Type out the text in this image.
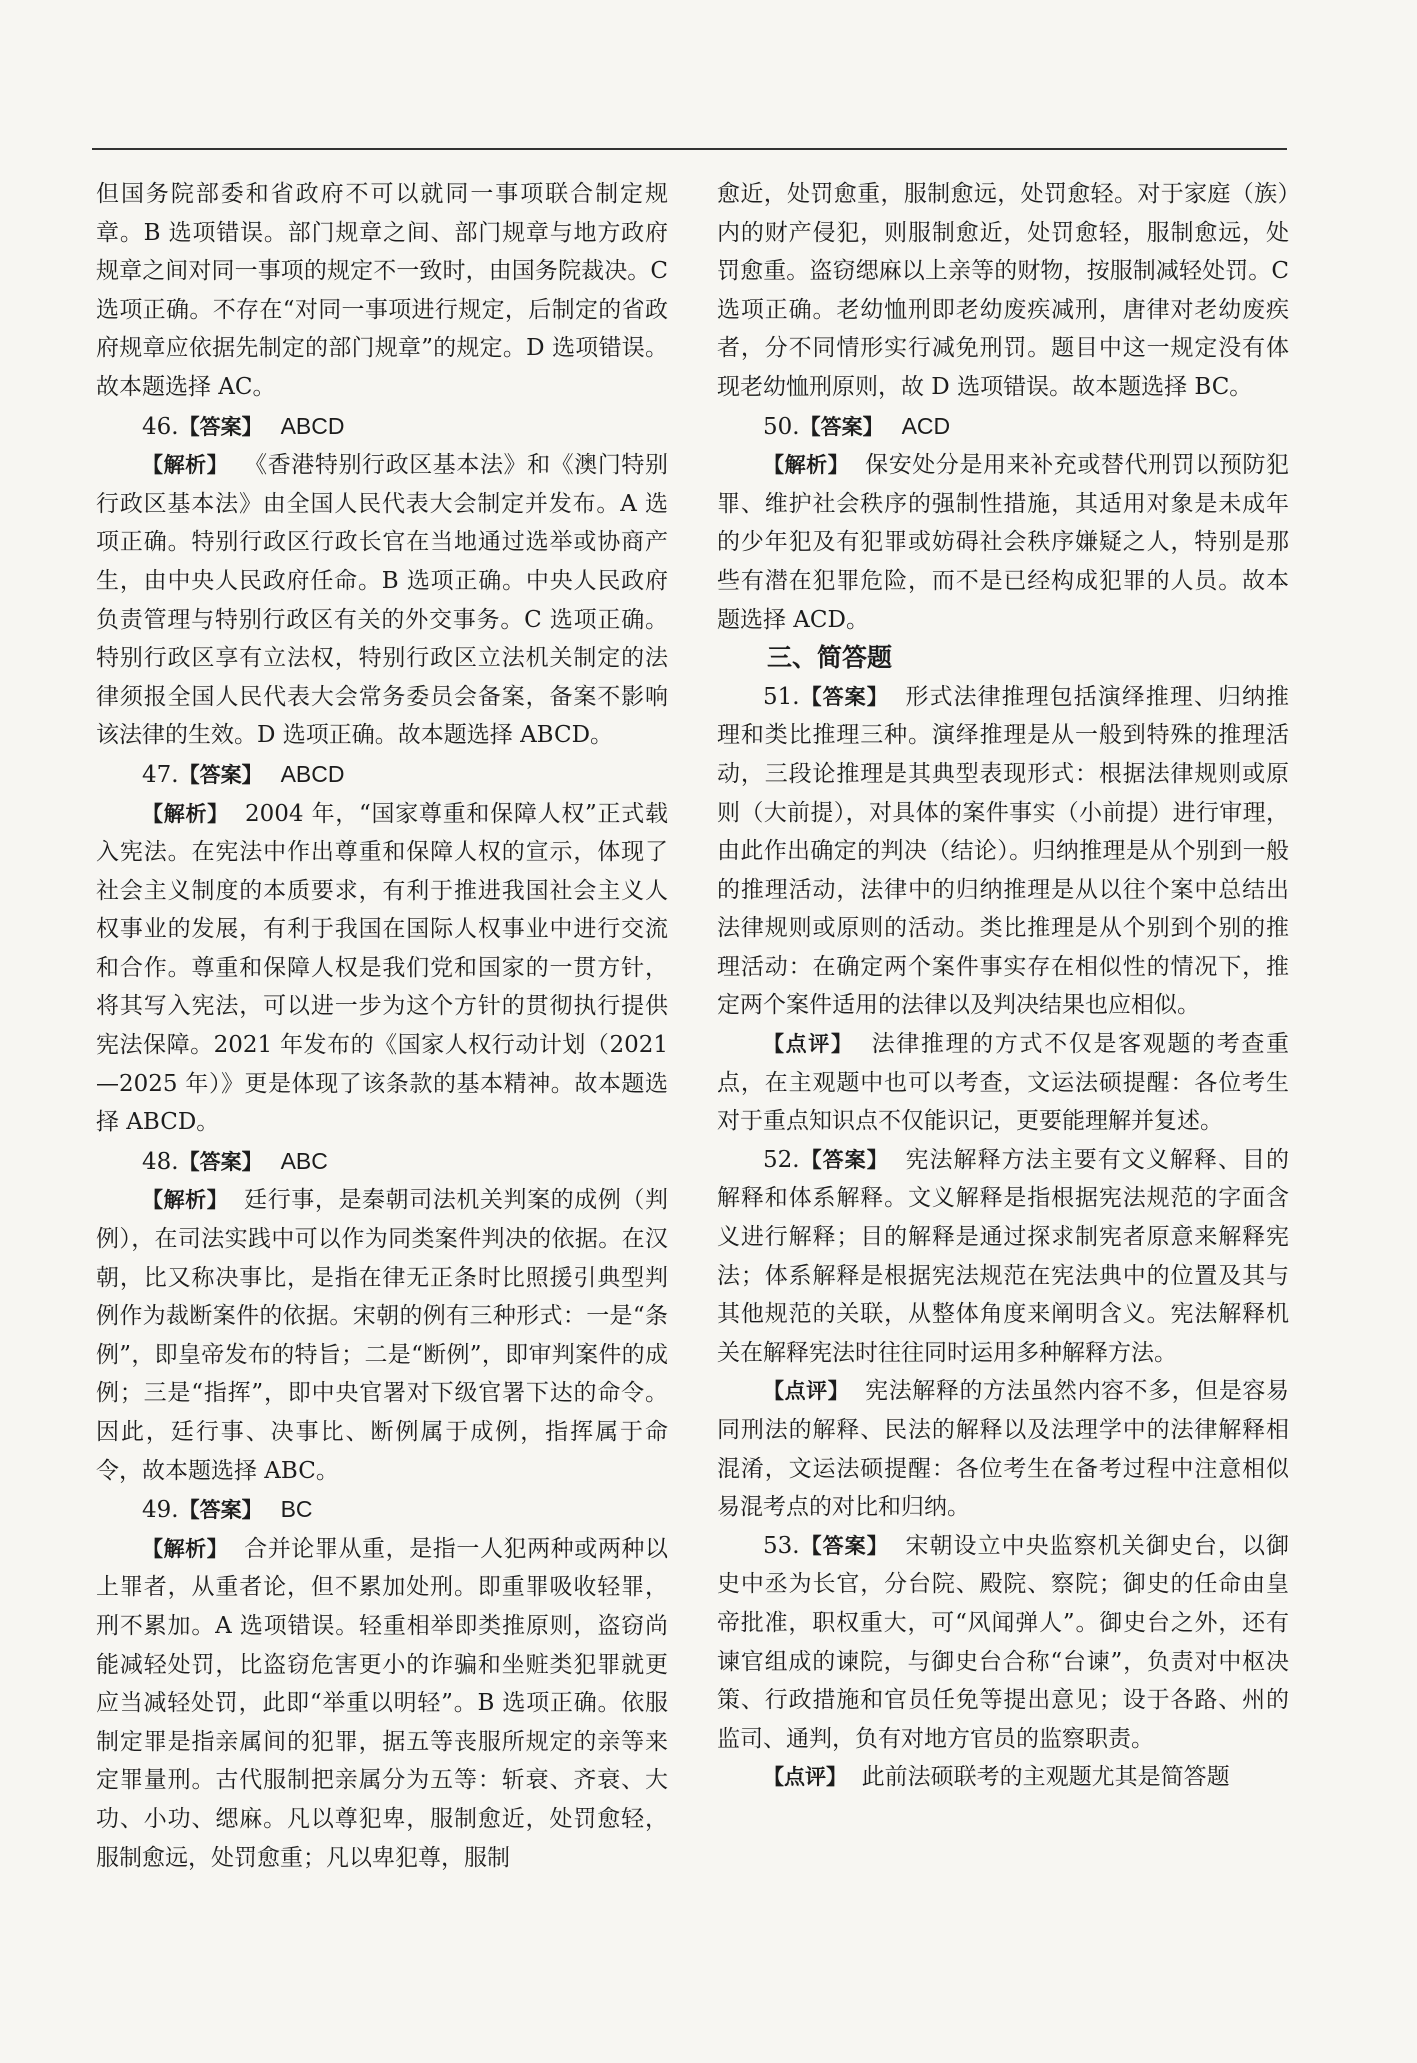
但国务院部委和省政府不可以就同一事项联合制定规章。B 选项错误。部门规章之间、部门规章与地方政府规章之间对同一事项的规定不一致时，由国务院裁决。C 选项正确。不存在“对同一事项进行规定，后制定的省政府规章应依据先制定的部门规章”的规定。D 选项错误。故本题选择 AC。

46.【答案】 ABCD

【解析】 《香港特别行政区基本法》和《澳门特别行政区基本法》由全国人民代表大会制定并发布。A 选项正确。特别行政区行政长官在当地通过选举或协商产生，由中央人民政府任命。B 选项正确。中央人民政府负责管理与特别行政区有关的外交事务。C 选项正确。特别行政区享有立法权，特别行政区立法机关制定的法律须报全国人民代表大会常务委员会备案，备案不影响该法律的生效。D 选项正确。故本题选择 ABCD。

47.【答案】 ABCD

【解析】 2004 年，“国家尊重和保障人权”正式载入宪法。在宪法中作出尊重和保障人权的宣示，体现了社会主义制度的本质要求，有利于推进我国社会主义人权事业的发展，有利于我国在国际人权事业中进行交流和合作。尊重和保障人权是我们党和国家的一贯方针，将其写入宪法，可以进一步为这个方针的贯彻执行提供宪法保障。2021 年发布的《国家人权行动计划（2021—2025 年）》更是体现了该条款的基本精神。故本题选择 ABCD。

48.【答案】 ABC

【解析】 廷行事，是秦朝司法机关判案的成例（判例），在司法实践中可以作为同类案件判决的依据。在汉朝，比又称决事比，是指在律无正条时比照援引典型判例作为裁断案件的依据。宋朝的例有三种形式：一是“条例”，即皇帝发布的特旨；二是“断例”，即审判案件的成例；三是“指挥”，即中央官署对下级官署下达的命令。因此，廷行事、决事比、断例属于成例，指挥属于命令，故本题选择 ABC。

49.【答案】 BC

【解析】 合并论罪从重，是指一人犯两种或两种以上罪者，从重者论，但不累加处刑。即重罪吸收轻罪，刑不累加。A 选项错误。轻重相举即类推原则，盗窃尚能减轻处罚，比盗窃危害更小的诈骗和坐赃类犯罪就更应当减轻处罚，此即“举重以明轻”。B 选项正确。依服制定罪是指亲属间的犯罪，据五等丧服所规定的亲等来定罪量刑。古代服制把亲属分为五等：斩衰、齐衰、大功、小功、缌麻。凡以尊犯卑，服制愈近，处罚愈轻，服制愈远，处罚愈重；凡以卑犯尊，服制

愈近，处罚愈重，服制愈远，处罚愈轻。对于家庭（族）内的财产侵犯，则服制愈近，处罚愈轻，服制愈远，处罚愈重。盗窃缌麻以上亲等的财物，按服制减轻处罚。C 选项正确。老幼恤刑即老幼废疾减刑，唐律对老幼废疾者，分不同情形实行减免刑罚。题目中这一规定没有体现老幼恤刑原则，故 D 选项错误。故本题选择 BC。

50.【答案】 ACD

【解析】 保安处分是用来补充或替代刑罚以预防犯罪、维护社会秩序的强制性措施，其适用对象是未成年的少年犯及有犯罪或妨碍社会秩序嫌疑之人，特别是那些有潜在犯罪危险，而不是已经构成犯罪的人员。故本题选择 ACD。

三、简答题

51.【答案】 形式法律推理包括演绎推理、归纳推理和类比推理三种。演绎推理是从一般到特殊的推理活动，三段论推理是其典型表现形式：根据法律规则或原则（大前提），对具体的案件事实（小前提）进行审理，由此作出确定的判决（结论）。归纳推理是从个别到一般的推理活动，法律中的归纳推理是从以往个案中总结出法律规则或原则的活动。类比推理是从个别到个别的推理活动：在确定两个案件事实存在相似性的情况下，推定两个案件适用的法律以及判决结果也应相似。

【点评】 法律推理的方式不仅是客观题的考查重点，在主观题中也可以考查，文运法硕提醒：各位考生对于重点知识点不仅能识记，更要能理解并复述。

52.【答案】 宪法解释方法主要有文义解释、目的解释和体系解释。文义解释是指根据宪法规范的字面含义进行解释；目的解释是通过探求制宪者原意来解释宪法；体系解释是根据宪法规范在宪法典中的位置及其与其他规范的关联，从整体角度来阐明含义。宪法解释机关在解释宪法时往往同时运用多种解释方法。

【点评】 宪法解释的方法虽然内容不多，但是容易同刑法的解释、民法的解释以及法理学中的法律解释相混淆，文运法硕提醒：各位考生在备考过程中注意相似易混考点的对比和归纳。

53.【答案】 宋朝设立中央监察机关御史台，以御史中丞为长官，分台院、殿院、察院；御史的任命由皇帝批准，职权重大，可“风闻弹人”。御史台之外，还有谏官组成的谏院，与御史台合称“台谏”，负责对中枢决策、行政措施和官员任免等提出意见；设于各路、州的监司、通判，负有对地方官员的监察职责。

【点评】 此前法硕联考的主观题尤其是简答题
